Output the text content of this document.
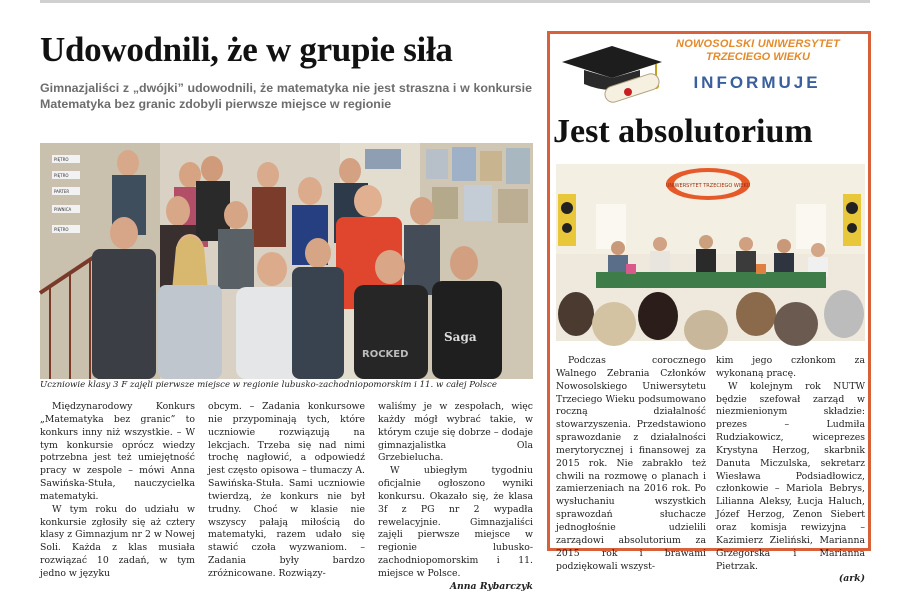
Udowodnili, że w grupie siła

Gimnazjaliści z „dwójki” udowodnili, że matematyka nie jest straszna i w konkursie Matematyka bez granic zdobyli pierwsze miejsce w regionie

PIĘTRO
PIĘTRO
PARTER
PIWNICA
PIĘTRO
ROCKED
Saga

Uczniowie klasy 3 F zajęli pierwsze miejsce w regionie lubusko-zachodniopomorskim i 11. w całej Polsce

Międzynarodowy Konkurs „Matematyka bez granic” to konkurs inny niż wszystkie. – W tym konkursie oprócz wiedzy potrzebna jest też umiejętność pracy w zespole – mówi Anna Sawińska-Stuła, nauczycielka matematyki.

W tym roku do udziału w konkursie zgłosiły się aż cztery klasy z Gimnazjum nr 2 w Nowej Soli. Każda z klas musiała rozwiązać 10 zadań, w tym jedno w języku

obcym. – Zadania konkursowe nie przypominają tych, które uczniowie rozwiązują na lekcjach. Trzeba się nad nimi trochę nagłowić, a odpowiedź jest często opisowa – tłumaczy A. Sawińska-Stuła. Sami uczniowie twierdzą, że konkurs nie był trudny. Choć w klasie nie wszyscy pałają miłością do matematyki, razem udało się stawić czoła wyzwaniom. – Zadania były bardzo zróżnicowane. Rozwiązy-

waliśmy je w zespołach, więc każdy mógł wybrać takie, w którym czuje się dobrze – dodaje gimnazjalistka Ola Grzebielucha.

W ubiegłym tygodniu oficjalnie ogłoszono wyniki konkursu. Okazało się, że klasa 3f z PG nr 2 wypadła rewelacyjnie. Gimnazjaliści zajęli pierwsze miejsce w regionie lubusko-zachodniopomorskim i 11. miejsce w Polsce.

Anna Rybarczyk

NOWOSOLSKI UNIWERSYTET
TRZECIEGO WIEKU
INFORMUJE
Jest absolutorium
UNIWERSYTET TRZECIEGO WIEKU

Podczas corocznego Walnego Zebrania Członków Nowosolskiego Uniwersytetu Trzeciego Wieku podsumowano roczną działalność stowarzyszenia. Przedstawiono sprawozdanie z działalności merytorycznej i finansowej za 2015 rok. Nie zabrakło też chwili na rozmowę o planach i zamierzeniach na 2016 rok. Po wysłuchaniu wszystkich sprawozdań słuchacze jednogłośnie udzielili zarządowi absolutorium za 2015 rok i brawami podziękowali wszyst-

kim jego członkom za wykonaną pracę.

W kolejnym rok NUTW będzie szefował zarząd w niezmienionym składzie: prezes – Ludmiła Rudziakowicz, wiceprezes Krystyna Herzog, skarbnik Danuta Miczulska, sekretarz Wiesława Podsiadłowicz, członkowie – Mariola Bebrys, Lilianna Aleksy, Łucja Haluch, Józef Herzog, Zenon Siebert oraz komisja rewizyjna – Kazimierz Zieliński, Marianna Grzegorska i Marianna Pietrzak.

(ark)
